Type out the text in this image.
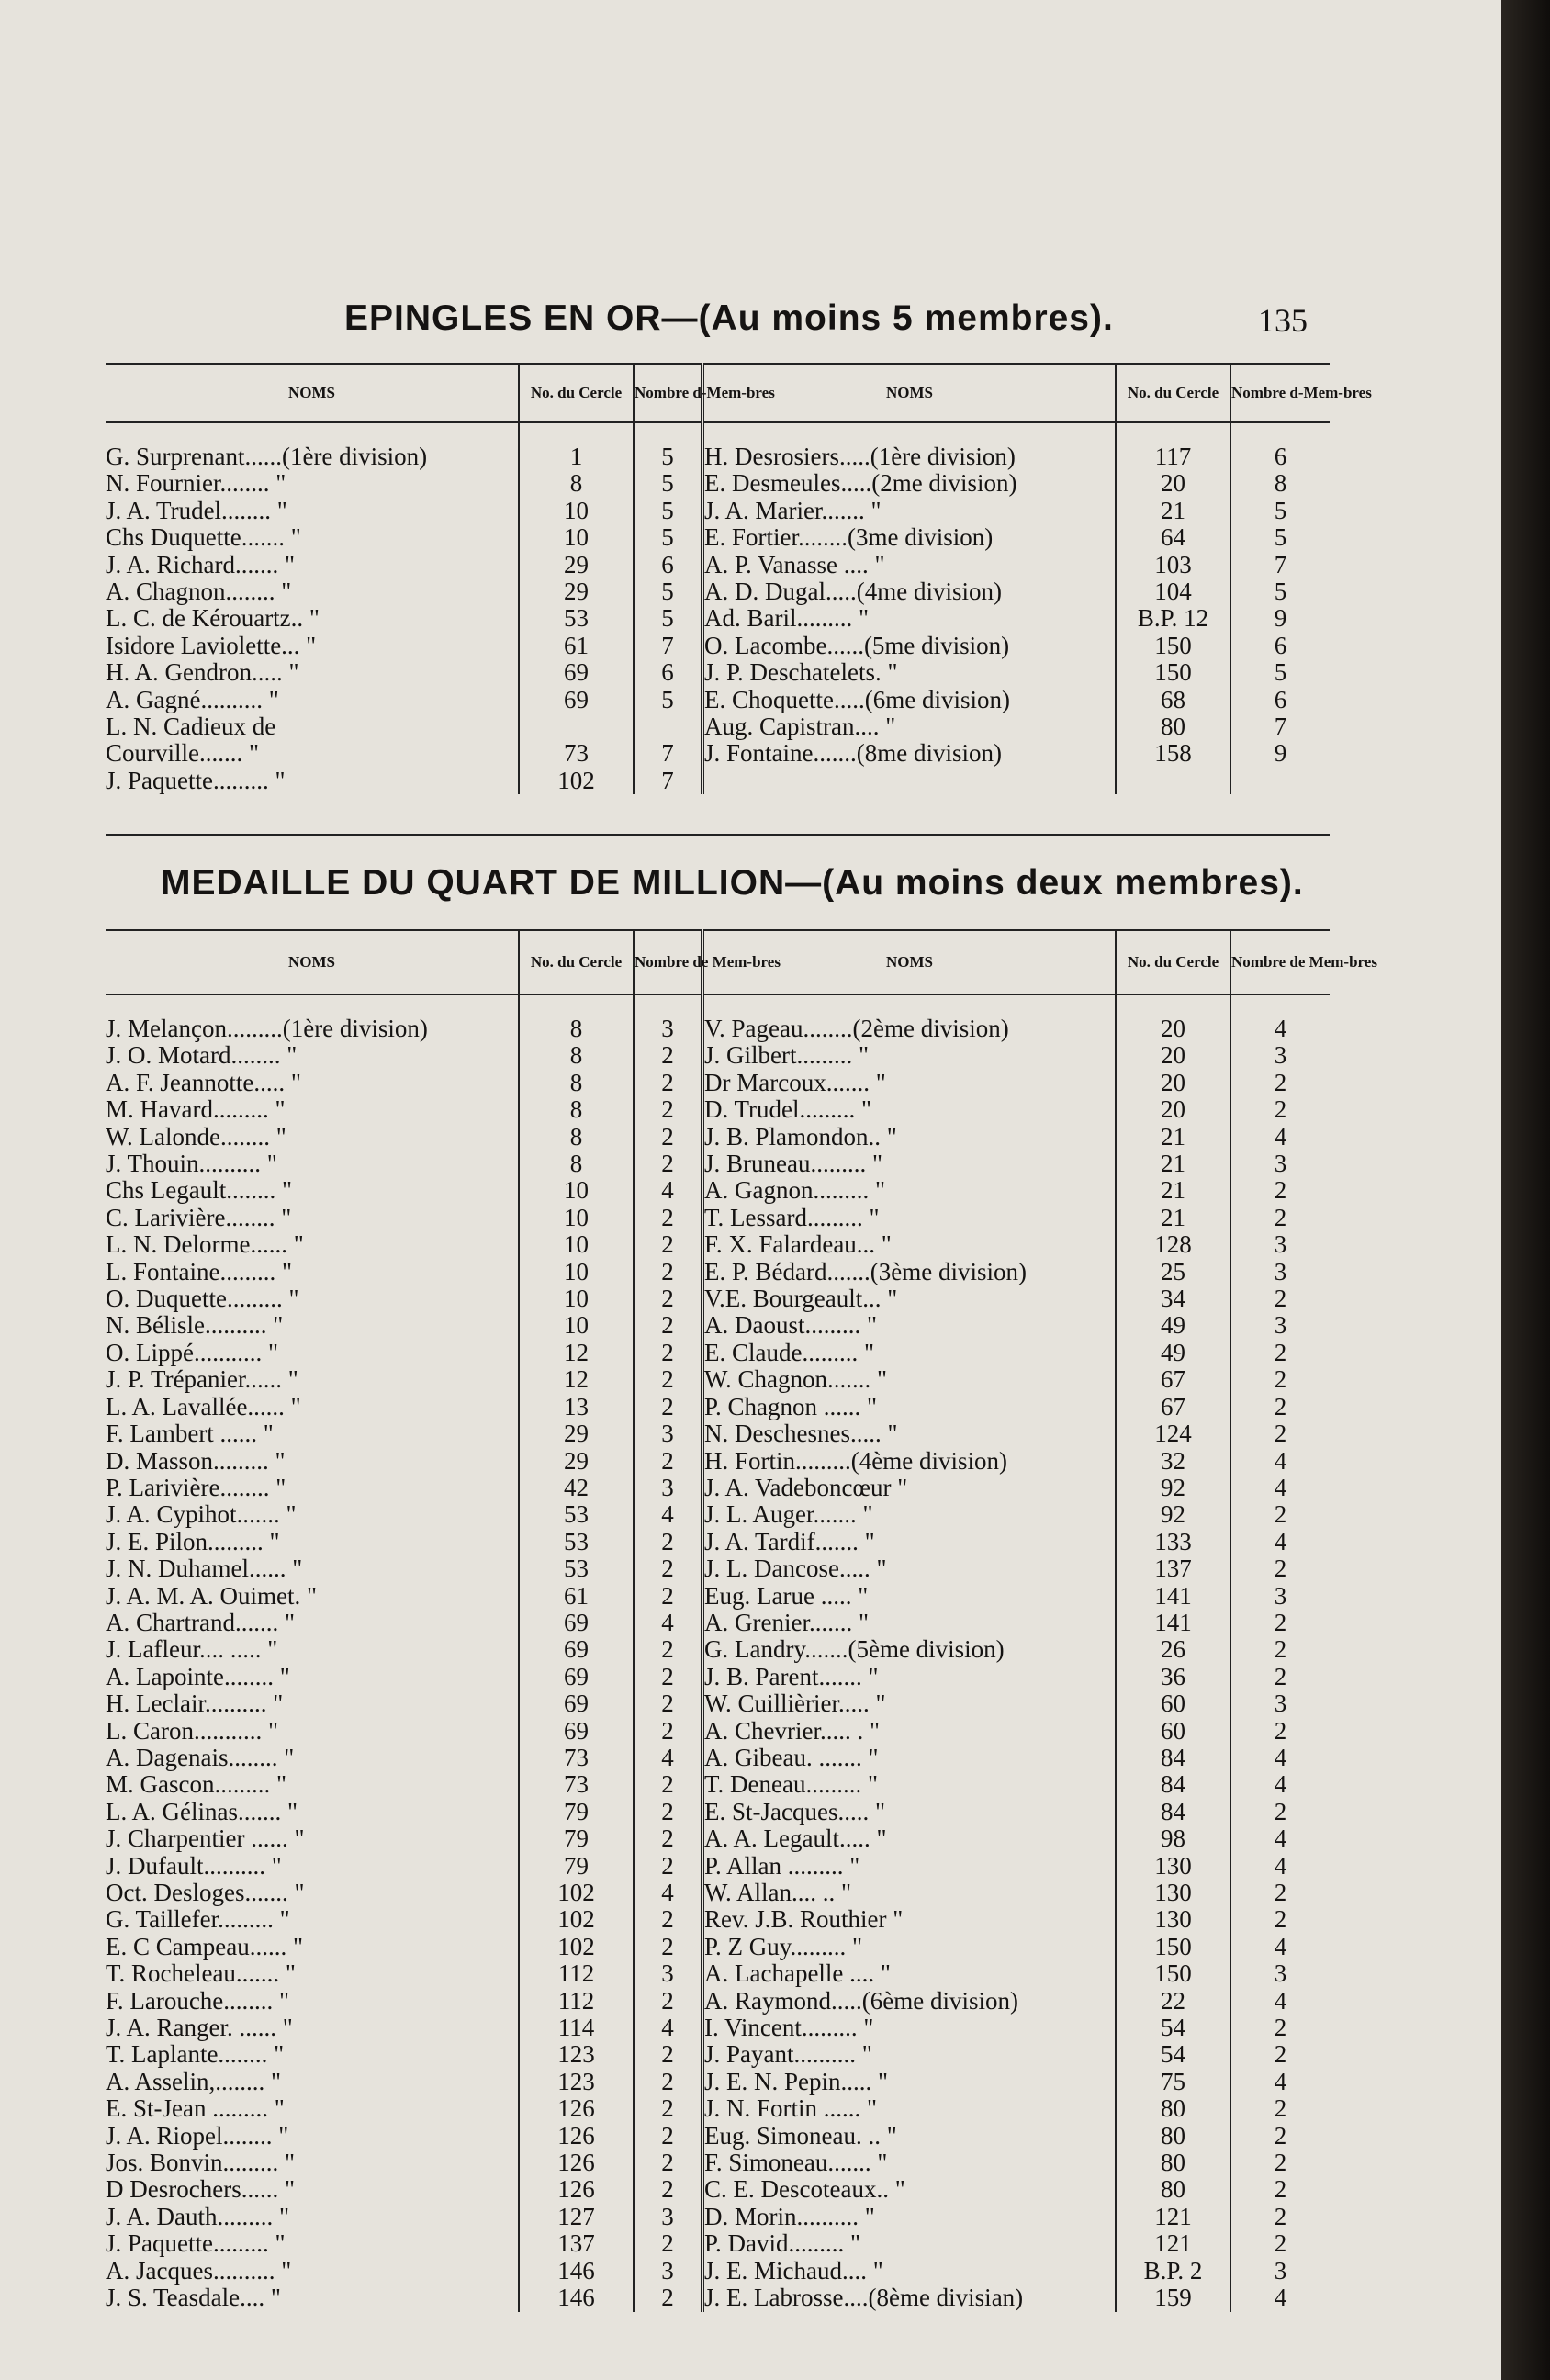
EPINGLES EN OR—(Au moins 5 membres).	135
NOMS	No. du Cercle	Nombre d-Mem-bres	NOMS	No. du Cercle	Nombre d-Mem-bres

G. Surprenant......(1ère division)	1	5	H. Desrosiers.....(1ère division)	117	6
N. Fournier........ "	8	5	E. Desmeules.....(2me division)	20	8
J. A. Trudel........ "	10	5	J. A. Marier....... "	21	5
Chs Duquette....... "	10	5	E. Fortier........(3me division)	64	5
J. A. Richard....... "	29	6	A. P. Vanasse .... "	103	7
A. Chagnon........ "	29	5	A. D. Dugal.....(4me division)	104	5
L. C. de Kérouartz.. "	53	5	Ad. Baril......... "	B.P. 12	9
Isidore Laviolette... "	61	7	O. Lacombe......(5me division)	150	6
H. A. Gendron..... "	69	6	J. P. Deschatelets. "	150	5
A. Gagné.......... "	69	5	E. Choquette.....(6me division)	68	6
L. N. Cadieux de			Aug. Capistran.... "	80	7
Courville....... "	73	7	J. Fontaine.......(8me division)	158	9
J. Paquette......... "	102	7			
MEDAILLE DU QUART DE MILLION—(Au moins deux membres).
NOMS	No. du Cercle	Nombre de Mem-bres	NOMS	No. du Cercle	Nombre de Mem-bres

J. Melançon.........(1ère division)	8	3	V. Pageau........(2ème division)	20	4
J. O. Motard........ "	8	2	J. Gilbert......... "	20	3
A. F. Jeannotte..... "	8	2	Dr Marcoux....... "	20	2
M. Havard......... "	8	2	D. Trudel......... "	20	2
W. Lalonde........ "	8	2	J. B. Plamondon.. "	21	4
J. Thouin.......... "	8	2	J. Bruneau......... "	21	3
Chs Legault........ "	10	4	A. Gagnon......... "	21	2
C. Larivière........ "	10	2	T. Lessard......... "	21	2
L. N. Delorme...... "	10	2	F. X. Falardeau... "	128	3
L. Fontaine......... "	10	2	E. P. Bédard.......(3ème division)	25	3
O. Duquette......... "	10	2	V.E. Bourgeault... "	34	2
N. Bélisle.......... "	10	2	A. Daoust......... "	49	3
O. Lippé........... "	12	2	E. Claude......... "	49	2
J. P. Trépanier...... "	12	2	W. Chagnon....... "	67	2
L. A. Lavallée...... "	13	2	P. Chagnon ...... "	67	2
F. Lambert ...... "	29	3	N. Deschesnes..... "	124	2
D. Masson......... "	29	2	H. Fortin.........(4ème division)	32	4
P. Larivière........ "	42	3	J. A. Vadeboncœur "	92	4
J. A. Cypihot....... "	53	4	J. L. Auger....... "	92	2
J. E. Pilon......... "	53	2	J. A. Tardif....... "	133	4
J. N. Duhamel...... "	53	2	J. L. Dancose..... "	137	2
J. A. M. A. Ouimet. "	61	2	Eug. Larue ..... "	141	3
A. Chartrand....... "	69	4	A. Grenier....... "	141	2
J. Lafleur.... ..... "	69	2	G. Landry.......(5ème division)	26	2
A. Lapointe........ "	69	2	J. B. Parent....... "	36	2
H. Leclair.......... "	69	2	W. Cuillièrier..... "	60	3
L. Caron........... "	69	2	A. Chevrier..... . "	60	2
A. Dagenais........ "	73	4	A. Gibeau. ....... "	84	4
M. Gascon......... "	73	2	T. Deneau......... "	84	4
L. A. Gélinas....... "	79	2	E. St-Jacques..... "	84	2
J. Charpentier ...... "	79	2	A. A. Legault..... "	98	4
J. Dufault.......... "	79	2	P. Allan ......... "	130	4
Oct. Desloges....... "	102	4	W. Allan.... .. "	130	2
G. Taillefer......... "	102	2	Rev. J.B. Routhier "	130	2
E. C Campeau...... "	102	2	P. Z Guy......... "	150	4
T. Rocheleau....... "	112	3	A. Lachapelle .... "	150	3
F. Larouche........ "	112	2	A. Raymond.....(6ème division)	22	4
J. A. Ranger. ...... "	114	4	I. Vincent......... "	54	2
T. Laplante........ "	123	2	J. Payant.......... "	54	2
A. Asselin,........ "	123	2	J. E. N. Pepin..... "	75	4
E. St-Jean ......... "	126	2	J. N. Fortin ...... "	80	2
J. A. Riopel........ "	126	2	Eug. Simoneau. .. "	80	2
Jos. Bonvin......... "	126	2	F. Simoneau....... "	80	2
D Desrochers...... "	126	2	C. E. Descoteaux.. "	80	2
J. A. Dauth......... "	127	3	D. Morin.......... "	121	2
J. Paquette......... "	137	2	P. David......... "	121	2
A. Jacques.......... "	146	3	J. E. Michaud.... "	B.P. 2	3
J. S. Teasdale.... "	146	2	J. E. Labrosse....(8ème divisian)	159	4
